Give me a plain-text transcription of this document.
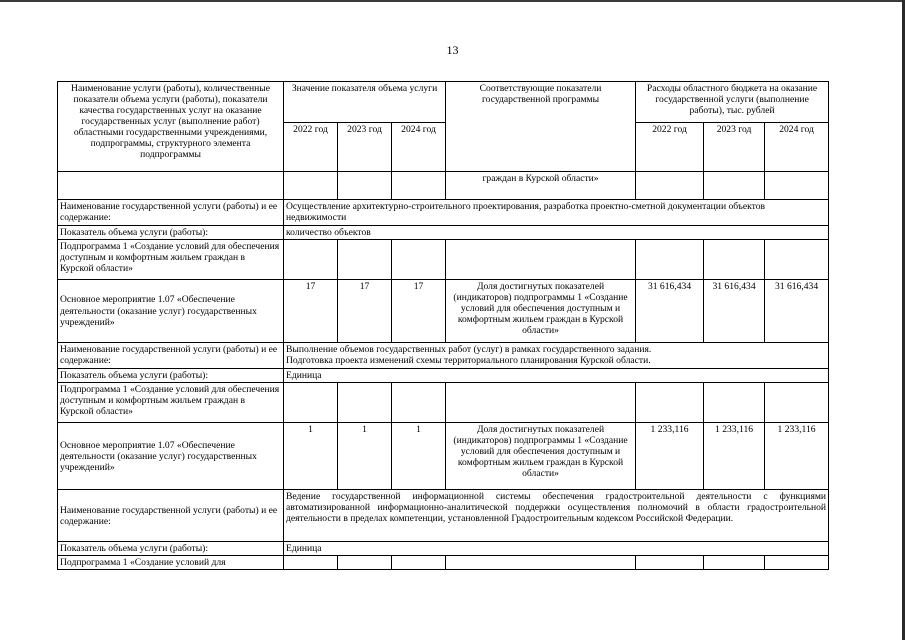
13
Наименование услуги (работы), количественные показатели объема услуги (работы), показатели качества государственных услуг на оказание государственных услуг (выполнение работ) областными государственными учреждениями, подпрограммы, структурного элемента подпрограммы	Значение показателя объема услуги			Соответствующие показатели государственной программы	Расходы областного бюджета на оказание государственной услуги (выполнение работы), тыс. рублей		
	2022 год	2023 год	2024 год		2022 год	2023 год	2024 год
				граждан в Курской области»			
Наименование государственной услуги (работы) и ее содержание:	Осуществление архитектурно-строительного проектирования, разработка проектно-сметной документации объектов недвижимости						
Показатель объема услуги (работы):	количество объектов						
Подпрограмма 1 «Создание условий для обеспечения доступным и комфортным жильем граждан в Курской области»							
Основное мероприятие 1.07 «Обеспечение деятельности (оказание услуг) государственных учреждений»	17	17	17	Доля достигнутых показателей (индикаторов) подпрограммы 1 «Создание условий для обеспечения доступным и комфортным жильем граждан в Курской области»	31 616,434	31 616,434	31 616,434
Наименование государственной услуги (работы) и ее содержание:	Выполнение объемов государственных работ (услуг) в рамках государственного задания.
Подготовка проекта изменений схемы территориального планирования Курской области.						

Показатель объема услуги (работы):	Единица						
Подпрограмма 1 «Создание условий для обеспечения доступным и комфортным жильем граждан в Курской области»							
Основное мероприятие 1.07 «Обеспечение деятельности (оказание услуг) государственных учреждений»	1	1	1	Доля достигнутых показателей (индикаторов) подпрограммы 1 «Создание условий для обеспечения доступным и комфортным жильем граждан в Курской области»	1 233,116	1 233,116	1 233,116
Наименование государственной услуги (работы) и ее содержание:	Ведение государственной информационной системы обеспечения градостроительной деятельности с функциями автоматизированной информационно-аналитической поддержки осуществления полномочий в области градостроительной деятельности в пределах компетенции, установленной Градостроительным кодексом Российской Федерации.						
Показатель объема услуги (работы):	Единица						
Подпрограмма 1 «Создание условий для							
